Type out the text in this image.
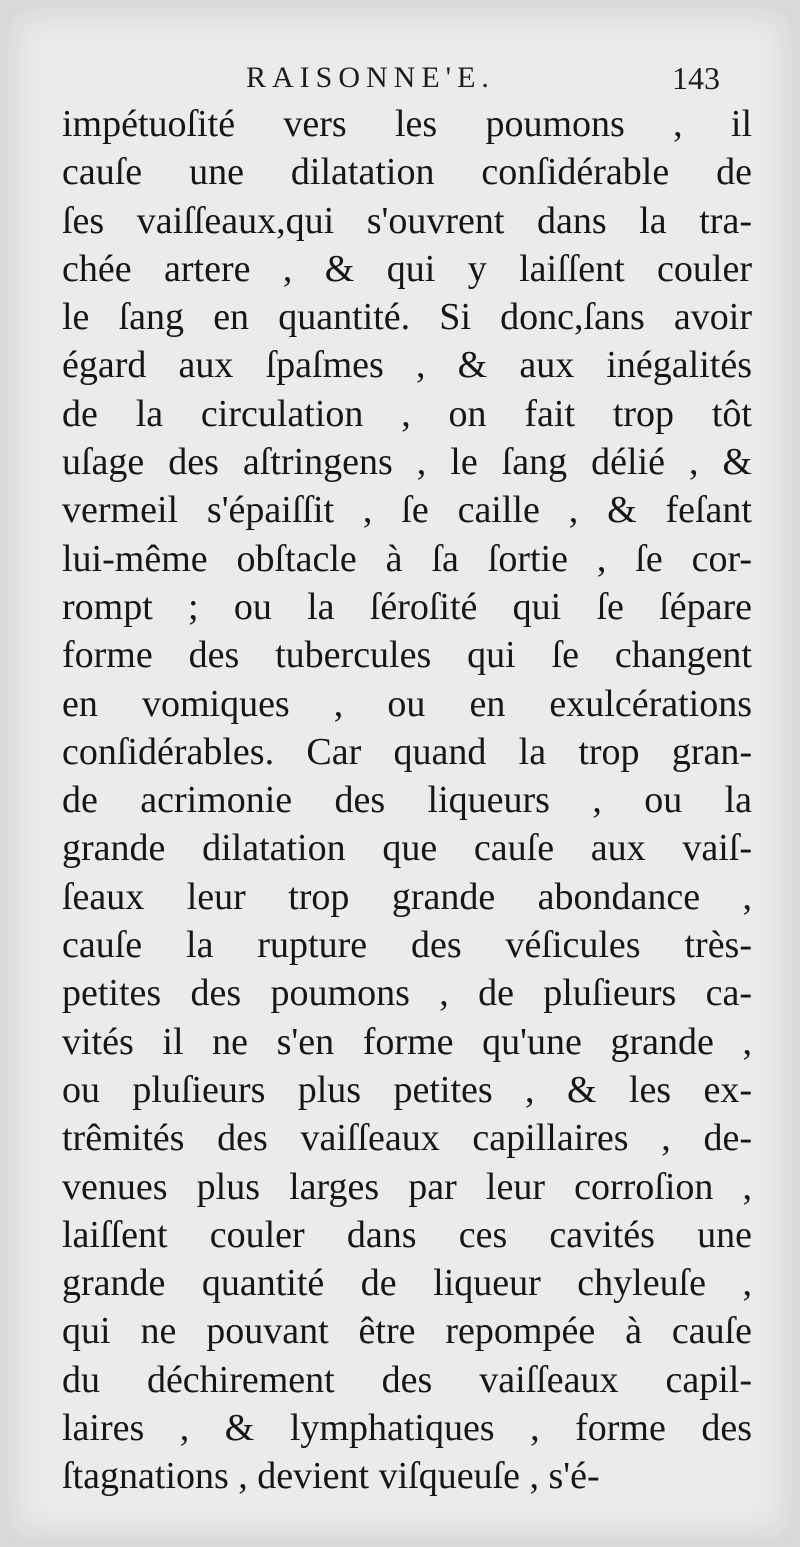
RAISONNE'E.	143
impétuoſité vers les poumons , il
cauſe une dilatation conſidérable de
ſes vaiſſeaux,qui s'ouvrent dans la tra-
chée artere , & qui y laiſſent couler
le ſang en quantité. Si donc,ſans avoir
égard aux ſpaſmes , & aux inégalités
de la circulation , on fait trop tôt
uſage des aſtringens , le ſang délié , &
vermeil s'épaiſſit , ſe caille , & feſant
lui-même obſtacle à ſa ſortie , ſe cor-
rompt ; ou la ſéroſité qui ſe ſépare
forme des tubercules qui ſe changent
en vomiques , ou en exulcérations
conſidérables. Car quand la trop gran-
de acrimonie des liqueurs , ou la
grande dilatation que cauſe aux vaiſ-
ſeaux leur trop grande abondance ,
cauſe la rupture des véſicules très-
petites des poumons , de pluſieurs ca-
vités il ne s'en forme qu'une grande ,
ou pluſieurs plus petites , & les ex-
trêmités des vaiſſeaux capillaires , de-
venues plus larges par leur corroſion ,
laiſſent couler dans ces cavités une
grande quantité de liqueur chyleuſe ,
qui ne pouvant être repompée à cauſe
du déchirement des vaiſſeaux capil-
laires , & lymphatiques , forme des
ſtagnations , devient viſqueuſe , s'é-
